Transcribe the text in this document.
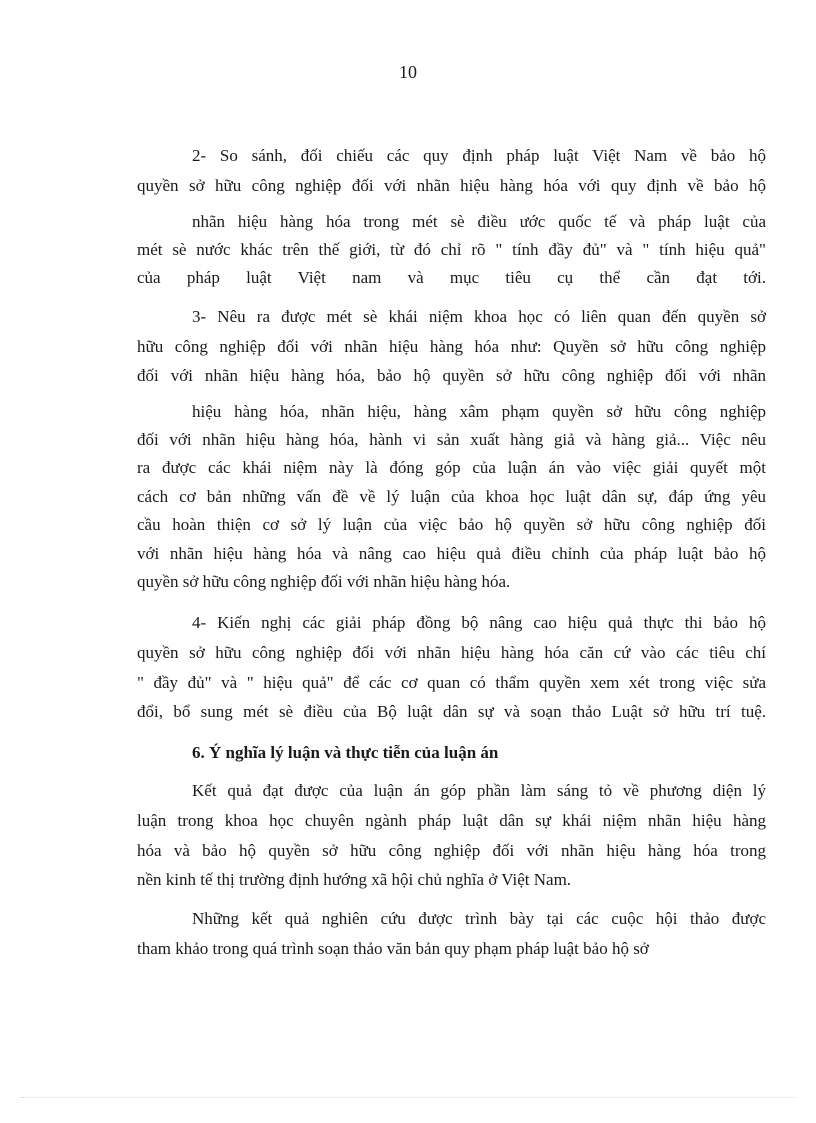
10
2- So sánh, đối chiếu các quy định pháp luật Việt Nam về bảo hộ
quyền sở hữu công nghiệp đối với nhãn hiệu hàng hóa với quy định về bảo hộ
nhãn hiệu hàng hóa trong mét sè điều ước quốc tế và pháp luật của
mét sè nước khác trên thế giới, từ đó chỉ rõ " tính đầy đủ" và " tính hiệu quả"
của pháp luật Việt nam và mục tiêu cụ thể cần đạt tới.
3- Nêu ra được mét sè khái niệm khoa học có liên quan đến quyền sở
hữu công nghiệp đối với nhãn hiệu hàng hóa như: Quyền sở hữu công nghiệp
đối với nhãn hiệu hàng hóa, bảo hộ quyền sở hữu công nghiệp đối với nhãn
hiệu hàng hóa, nhãn hiệu, hàng xâm phạm quyền sở hữu công nghiệp
đối với nhãn hiệu hàng hóa, hành vi sản xuất hàng giả và hàng giả... Việc nêu
ra được các khái niệm này là đóng góp của luận án vào việc giải quyết một
cách cơ bản những vấn đề về lý luận của khoa học luật dân sự, đáp ứng yêu
cầu hoàn thiện cơ sở lý luận của việc bảo hộ quyền sở hữu công nghiệp đối
với nhãn hiệu hàng hóa và nâng cao hiệu quả điều chỉnh của pháp luật bảo hộ
quyền sở hữu công nghiệp đối với nhãn hiệu hàng hóa.
4- Kiến nghị các giải pháp đồng bộ nâng cao hiệu quả thực thi bảo hộ
quyền sở hữu công nghiệp đối với nhãn hiệu hàng hóa căn cứ vào các tiêu chí
" đầy đủ" và " hiệu quả" để các cơ quan có thẩm quyền xem xét trong việc sửa
đổi, bổ sung mét sè điều của Bộ luật dân sự và soạn thảo Luật sở hữu trí tuệ.
6. Ý nghĩa lý luận và thực tiễn của luận án
Kết quả đạt được của luận án góp phần làm sáng tỏ về phương diện lý
luận trong khoa học chuyên ngành pháp luật dân sự khái niệm nhãn hiệu hàng
hóa và bảo hộ quyền sở hữu công nghiệp đối với nhãn hiệu hàng hóa trong
nền kinh tế thị trường định hướng xã hội chủ nghĩa ở Việt Nam.
Những kết quả nghiên cứu được trình bày tại các cuộc hội thảo được
tham khảo trong quá trình soạn thảo văn bản quy phạm pháp luật bảo hộ sở
